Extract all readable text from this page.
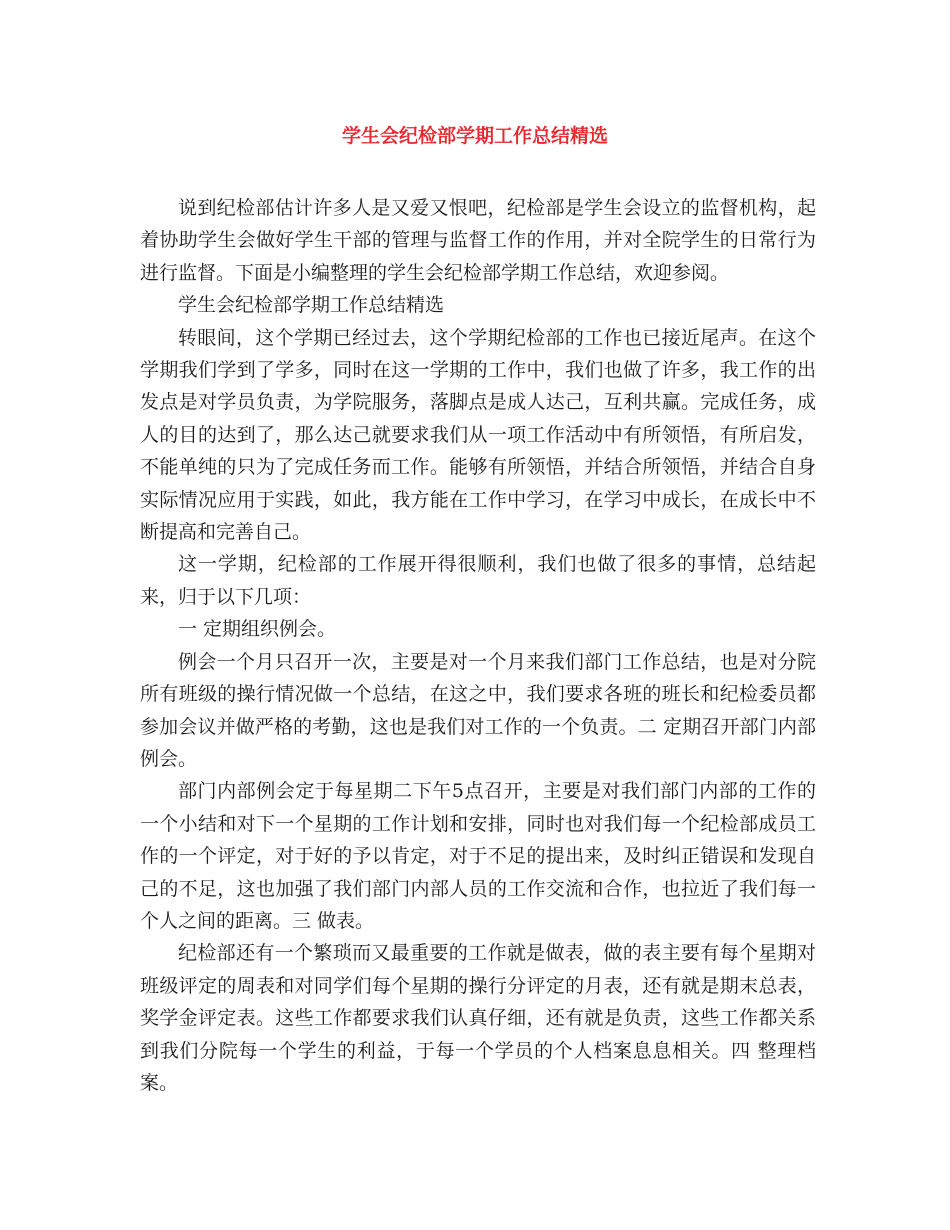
学生会纪检部学期工作总结精选

说到纪检部估计许多人是又爱又恨吧，纪检部是学生会设立的监督机构，起着协助学生会做好学生干部的管理与监督工作的作用，并对全院学生的日常行为进行监督。下面是小编整理的学生会纪检部学期工作总结，欢迎参阅。

学生会纪检部学期工作总结精选

转眼间，这个学期已经过去，这个学期纪检部的工作也已接近尾声。在这个学期我们学到了学多，同时在这一学期的工作中，我们也做了许多，我工作的出发点是对学员负责，为学院服务，落脚点是成人达己，互利共赢。完成任务，成人的目的达到了，那么达己就要求我们从一项工作活动中有所领悟，有所启发，不能单纯的只为了完成任务而工作。能够有所领悟，并结合所领悟，并结合自身实际情况应用于实践，如此，我方能在工作中学习，在学习中成长，在成长中不断提高和完善自己。

这一学期，纪检部的工作展开得很顺利，我们也做了很多的事情，总结起来，归于以下几项：

一 定期组织例会。

例会一个月只召开一次，主要是对一个月来我们部门工作总结，也是对分院所有班级的操行情况做一个总结，在这之中，我们要求各班的班长和纪检委员都参加会议并做严格的考勤，这也是我们对工作的一个负责。二 定期召开部门内部例会。

部门内部例会定于每星期二下午5点召开，主要是对我们部门内部的工作的一个小结和对下一个星期的工作计划和安排，同时也对我们每一个纪检部成员工作的一个评定，对于好的予以肯定，对于不足的提出来，及时纠正错误和发现自己的不足，这也加强了我们部门内部人员的工作交流和合作，也拉近了我们每一个人之间的距离。三 做表。

纪检部还有一个繁琐而又最重要的工作就是做表，做的表主要有每个星期对班级评定的周表和对同学们每个星期的操行分评定的月表，还有就是期末总表，奖学金评定表。这些工作都要求我们认真仔细，还有就是负责，这些工作都关系到我们分院每一个学生的利益，于每一个学员的个人档案息息相关。四 整理档案。
